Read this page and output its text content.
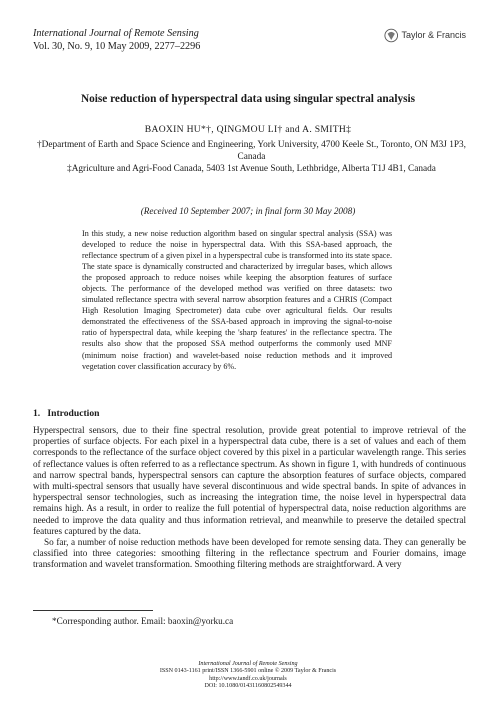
International Journal of Remote Sensing
Vol. 30, No. 9, 10 May 2009, 2277–2296
Taylor & Francis
Noise reduction of hyperspectral data using singular spectral analysis
BAOXIN HU*†, QINGMOU LI† and A. SMITH‡
†Department of Earth and Space Science and Engineering, York University, 4700 Keele St., Toronto, ON M3J 1P3, Canada
‡Agriculture and Agri-Food Canada, 5403 1st Avenue South, Lethbridge, Alberta T1J 4B1, Canada
(Received 10 September 2007; in final form 30 May 2008)
In this study, a new noise reduction algorithm based on singular spectral analysis (SSA) was developed to reduce the noise in hyperspectral data. With this SSA-based approach, the reflectance spectrum of a given pixel in a hyperspectral cube is transformed into its state space. The state space is dynamically constructed and characterized by irregular bases, which allows the proposed approach to reduce noises while keeping the absorption features of surface objects. The performance of the developed method was verified on three datasets: two simulated reflectance spectra with several narrow absorption features and a CHRIS (Compact High Resolution Imaging Spectrometer) data cube over agricultural fields. Our results demonstrated the effectiveness of the SSA-based approach in improving the signal-to-noise ratio of hyperspectral data, while keeping the 'sharp features' in the reflectance spectra. The results also show that the proposed SSA method outperforms the commonly used MNF (minimum noise fraction) and wavelet-based noise reduction methods and it improved vegetation cover classification accuracy by 6%.
1.   Introduction

Hyperspectral sensors, due to their fine spectral resolution, provide great potential to improve retrieval of the properties of surface objects. For each pixel in a hyperspectral data cube, there is a set of values and each of them corresponds to the reflectance of the surface object covered by this pixel in a particular wavelength range. This series of reflectance values is often referred to as a reflectance spectrum. As shown in figure 1, with hundreds of continuous and narrow spectral bands, hyperspectral sensors can capture the absorption features of surface objects, compared with multi-spectral sensors that usually have several discontinuous and wide spectral bands. In spite of advances in hyperspectral sensor technologies, such as increasing the integration time, the noise level in hyperspectral data remains high. As a result, in order to realize the full potential of hyperspectral data, noise reduction algorithms are needed to improve the data quality and thus information retrieval, and meanwhile to preserve the detailed spectral features captured by the data.

So far, a number of noise reduction methods have been developed for remote sensing data. They can generally be classified into three categories: smoothing filtering in the reflectance spectrum and Fourier domains, image transformation and wavelet transformation. Smoothing filtering methods are straightforward. A very

*Corresponding author. Email: baoxin@yorku.ca
International Journal of Remote Sensing
ISSN 0143-1161 print/ISSN 1366-5901 online © 2009 Taylor & Francis
http://www.tandf.co.uk/journals
DOI: 10.1080/01431160802549344
